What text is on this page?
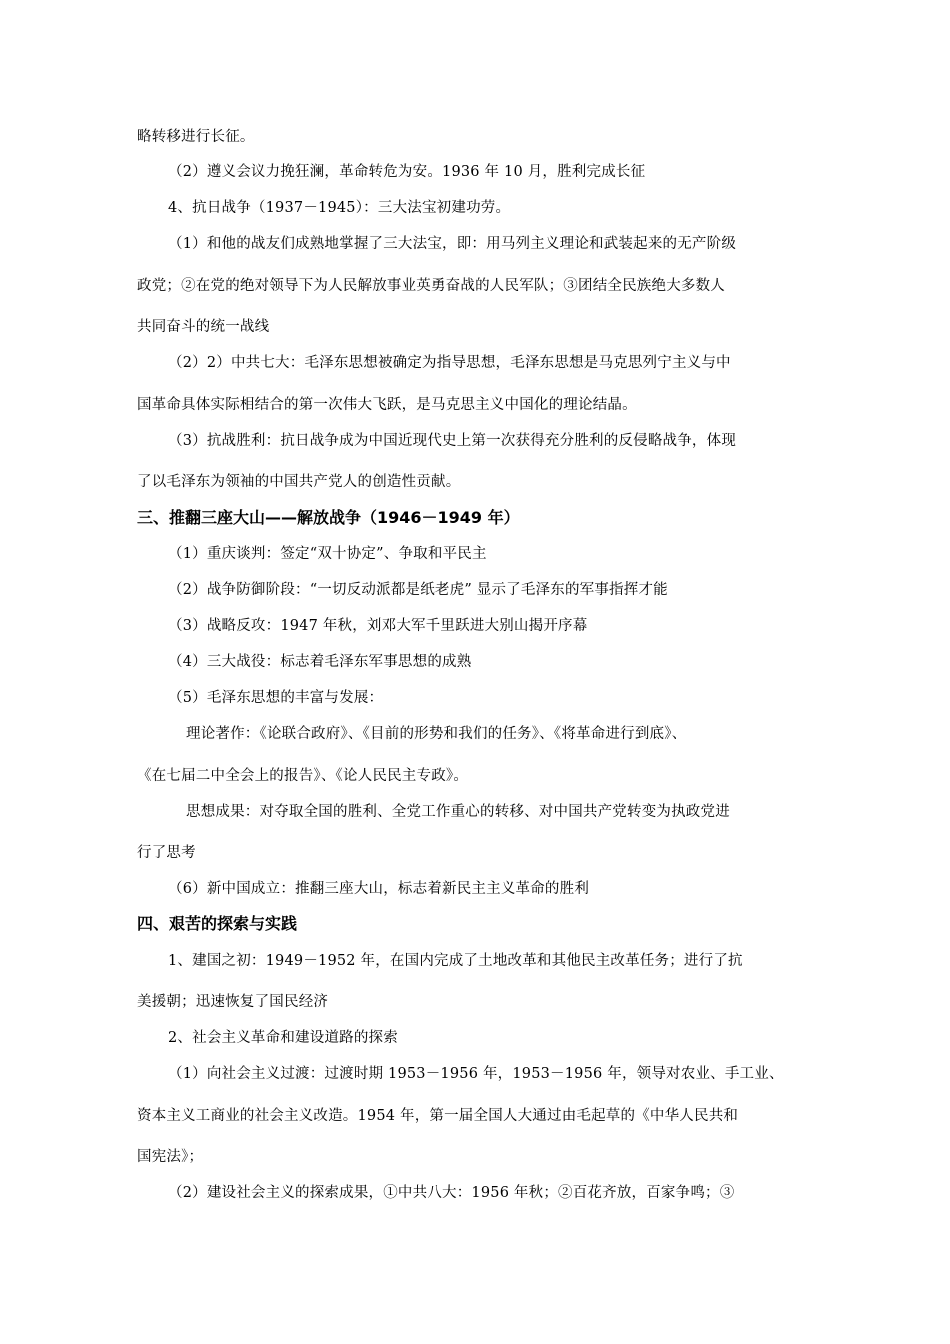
略转移进行长征。
（2）遵义会议力挽狂澜，革命转危为安。1936 年 10 月，胜利完成长征
4、抗日战争（1937－1945）：三大法宝初建功劳。
（1）和他的战友们成熟地掌握了三大法宝，即：用马列主义理论和武装起来的无产阶级
政党；②在党的绝对领导下为人民解放事业英勇奋战的人民军队；③团结全民族绝大多数人
共同奋斗的统一战线
（2）2）中共七大：毛泽东思想被确定为指导思想，毛泽东思想是马克思列宁主义与中
国革命具体实际相结合的第一次伟大飞跃，是马克思主义中国化的理论结晶。
（3）抗战胜利：抗日战争成为中国近现代史上第一次获得充分胜利的反侵略战争，体现
了以毛泽东为领袖的中国共产党人的创造性贡献。
三、推翻三座大山——解放战争（1946－1949 年）
（1）重庆谈判：签定“双十协定”、争取和平民主
（2）战争防御阶段：“一切反动派都是纸老虎” 显示了毛泽东的军事指挥才能
（3）战略反攻：1947 年秋，刘邓大军千里跃进大别山揭开序幕
（4）三大战役：标志着毛泽东军事思想的成熟
（5）毛泽东思想的丰富与发展：
理论著作：《论联合政府》、《目前的形势和我们的任务》、《将革命进行到底》、
《在七届二中全会上的报告》、《论人民民主专政》。
思想成果：对夺取全国的胜利、全党工作重心的转移、对中国共产党转变为执政党进
行了思考
（6）新中国成立：推翻三座大山，标志着新民主主义革命的胜利
四、艰苦的探索与实践
1、建国之初：1949－1952 年，在国内完成了土地改革和其他民主改革任务；进行了抗
美援朝；迅速恢复了国民经济
2、社会主义革命和建设道路的探索
（1）向社会主义过渡：过渡时期 1953－1956 年，1953－1956 年，领导对农业、手工业、
资本主义工商业的社会主义改造。1954 年，第一届全国人大通过由毛起草的《中华人民共和
国宪法》；
（2）建设社会主义的探索成果，①中共八大：1956 年秋；②百花齐放，百家争鸣；③
